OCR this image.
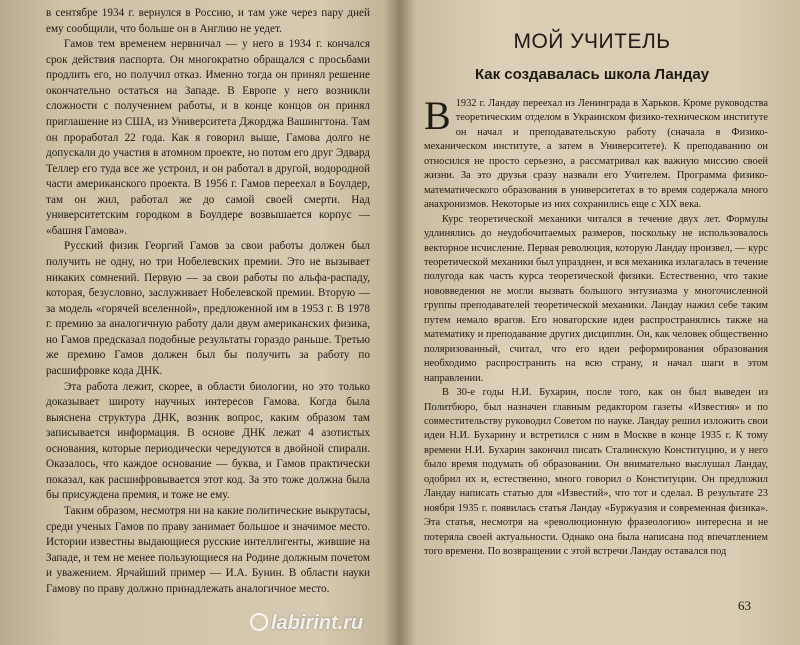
в сентябре 1934 г. вернулся в Россию, и там уже через пару дней ему сообщили, что больше он в Англию не уедет.

Гамов тем временем нервничал — у него в 1934 г. кончался срок действия паспорта. Он многократно обращался с просьбами продлить его, но получил отказ. Именно тогда он принял решение окончательно остаться на Западе. В Европе у него возникли сложности с получением работы, и в конце концов он принял приглашение из США, из Университета Джорджа Вашингтона. Там он проработал 22 года. Как я говорил выше, Гамова долго не допускали до участия в атомном проекте, но потом его друг Эдвард Теллер его туда все же устроил, и он работал в другой, водородной части американского проекта. В 1956 г. Гамов переехал в Боулдер, там он жил, работал же до самой своей смерти. Над университетским городком в Боулдере возвышается корпус — «башня Гамова».

Русский физик Георгий Гамов за свои работы должен был получить не одну, но три Нобелевских премии. Это не вызывает никаких сомнений. Первую — за свои работы по альфа-распаду, которая, безусловно, заслуживает Нобелевской премии. Вторую — за модель «горячей вселенной», предложенной им в 1953 г. В 1978 г. премию за аналогичную работу дали двум американских физика, но Гамов предсказал подобные результаты гораздо раньше. Третью же премию Гамов должен был бы получить за работу по расшифровке кода ДНК.

Эта работа лежит, скорее, в области биологии, но это только доказывает широту научных интересов Гамова. Когда была выяснена структура ДНК, возник вопрос, каким образом там записывается информация. В основе ДНК лежат 4 азотистых основания, которые периодически чередуются в двойной спирали. Оказалось, что каждое основание — буква, и Гамов практически показал, как расшифровывается этот код. За это тоже должна была бы присуждена премия, и тоже не ему.

Таким образом, несмотря ни на какие политические выкрутасы, среди ученых Гамов по праву занимает большое и значимое место. Истории известны выдающиеся русские интеллигенты, жившие на Западе, и тем не менее пользующиеся на Родине должным почетом и уважением. Ярчайший пример — И.А. Бунин. В области науки Гамову по праву должно принадлежать аналогичное место.

МОЙ УЧИТЕЛЬ
Как создавалась школа Ландау

В 1932 г. Ландау переехал из Ленинграда в Харьков. Кроме руководства теоретическим отделом в Украинском физико-техническом институте он начал и преподавательскую работу (сначала в Физико-механическом институте, а затем в Университете). К преподаванию он относился не просто серьезно, а рассматривал как важную миссию своей жизни. За это друзья сразу назвали его Учителем. Программа физико-математического образования в университетах в то время содержала много анахронизмов. Некоторые из них сохранились еще с XIX века.

Курс теоретической механики читался в течение двух лет. Формулы удлинялись до неудобочитаемых размеров, поскольку не использовалось векторное исчисление. Первая революция, которую Ландау произвел, — курс теоретической механики был упразднен, и вся механика излагалась в течение полугода как часть курса теоретической физики. Естественно, что такие нововведения не могли вызвать большого энтузиазма у многочисленной группы преподавателей теоретической механики. Ландау нажил себе таким путем немало врагов. Его новаторские идеи распространялись также на математику и преподавание других дисциплин. Он, как человек общественно поляризованный, считал, что его идеи реформирования образования необходимо распространить на всю страну, и начал шаги в этом направлении.

В 30-е годы Н.И. Бухарин, после того, как он был выведен из Политбюро, был назначен главным редактором газеты «Известия» и по совместительству руководил Советом по науке. Ландау решил изложить свои идеи Н.И. Бухарину и встретился с ним в Москве в конце 1935 г. К тому времени Н.И. Бухарин закончил писать Сталинскую Конституцию, и у него было время подумать об образовании. Он внимательно выслушал Ландау, одобрил их и, естественно, много говорил о Конституции. Он предложил Ландау написать статью для «Известий», что тот и сделал. В результате 23 ноября 1935 г. появилась статья Ландау «Буржуазия и современная физика». Эта статья, несмотря на «революционную фразеологию» интересна и не потеряла своей актуальности. Однако она была написана под впечатлением того времени. По возвращении с этой встречи Ландау оставался под

63
labirint.ru
